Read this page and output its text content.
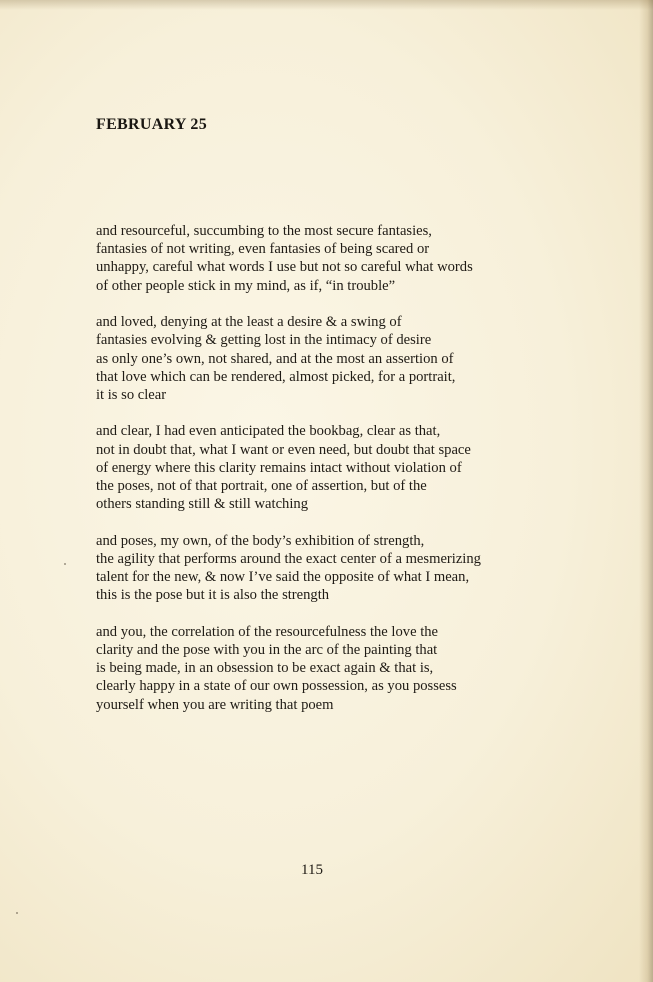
FEBRUARY 25
and resourceful, succumbing to the most secure fantasies,
fantasies of not writing, even fantasies of being scared or
unhappy, careful what words I use but not so careful what words
of other people stick in my mind, as if, “in trouble”
and loved, denying at the least a desire & a swing of
fantasies evolving & getting lost in the intimacy of desire
as only one’s own, not shared, and at the most an assertion of
that love which can be rendered, almost picked, for a portrait,
it is so clear
and clear, I had even anticipated the bookbag, clear as that,
not in doubt that, what I want or even need, but doubt that space
of energy where this clarity remains intact without violation of
the poses, not of that portrait, one of assertion, but of the
others standing still & still watching
and poses, my own, of the body’s exhibition of strength,
the agility that performs around the exact center of a mesmerizing
talent for the new, & now I’ve said the opposite of what I mean,
this is the pose but it is also the strength
and you, the correlation of the resourcefulness the love the
clarity and the pose with you in the arc of the painting that
is being made, in an obsession to be exact again & that is,
clearly happy in a state of our own possession, as you possess
yourself when you are writing that poem
115
